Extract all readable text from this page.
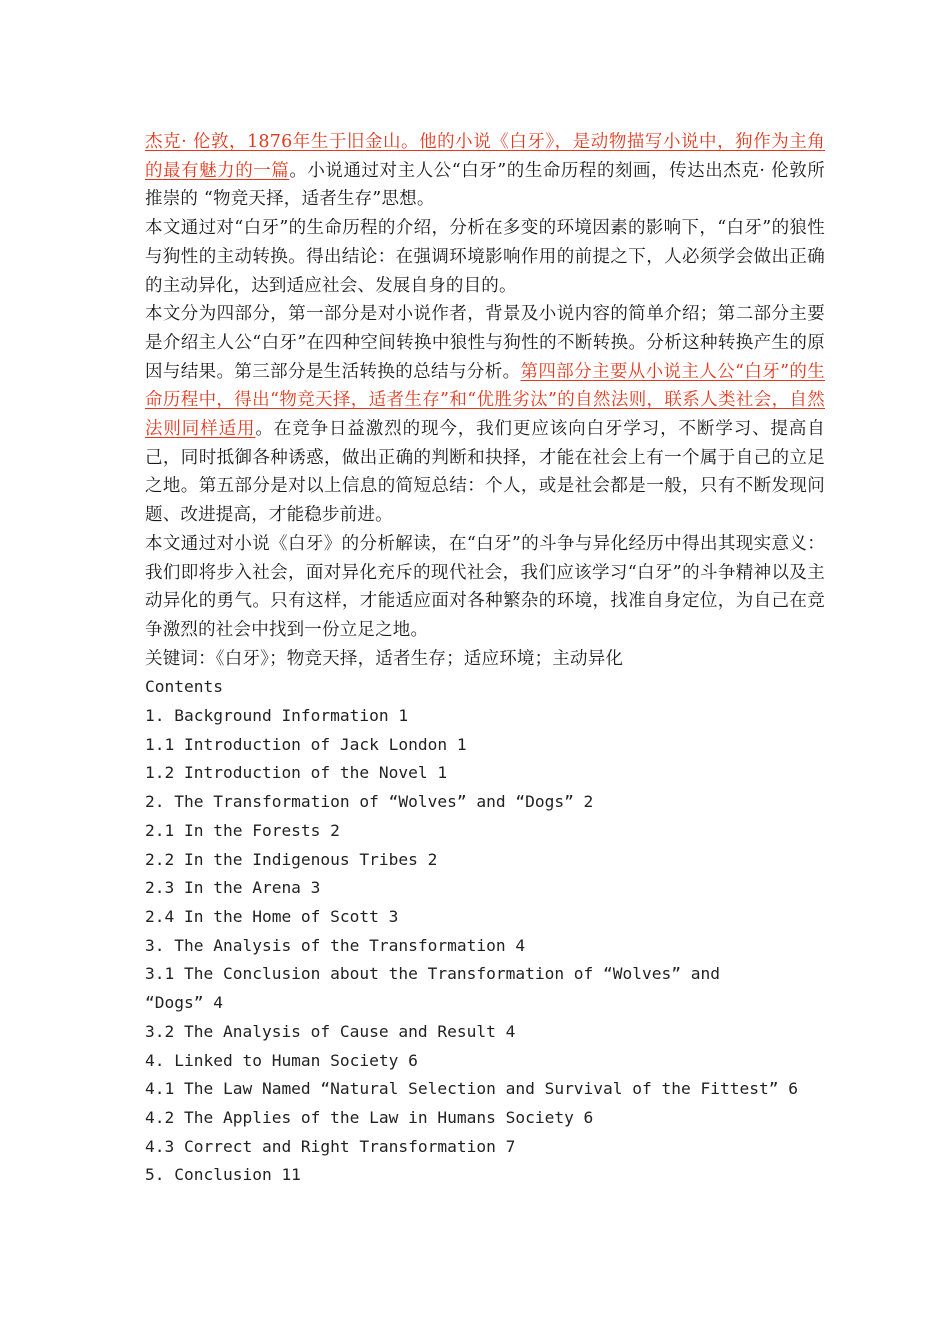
杰克· 伦敦，1876年生于旧金山。他的小说《白牙》，是动物描写小说中，狗作为主角的最有魅力的一篇。小说通过对主人公“白牙”的生命历程的刻画，传达出杰克· 伦敦所推崇的 “物竞天择，适者生存”思想。

本文通过对“白牙”的生命历程的介绍，分析在多变的环境因素的影响下，“白牙”的狼性与狗性的主动转换。得出结论：在强调环境影响作用的前提之下，人必须学会做出正确的主动异化，达到适应社会、发展自身的目的。

本文分为四部分，第一部分是对小说作者，背景及小说内容的简单介绍；第二部分主要是介绍主人公“白牙”在四种空间转换中狼性与狗性的不断转换。分析这种转换产生的原因与结果。第三部分是生活转换的总结与分析。第四部分主要从小说主人公“白牙”的生命历程中，得出“物竞天择，适者生存”和“优胜劣汰”的自然法则，联系人类社会，自然法则同样适用。在竞争日益激烈的现今，我们更应该向白牙学习，不断学习、提高自己，同时抵御各种诱惑，做出正确的判断和抉择，才能在社会上有一个属于自己的立足之地。第五部分是对以上信息的简短总结：个人，或是社会都是一般，只有不断发现问题、改进提高，才能稳步前进。

本文通过对小说《白牙》的分析解读，在“白牙”的斗争与异化经历中得出其现实意义：我们即将步入社会，面对异化充斥的现代社会，我们应该学习“白牙”的斗争精神以及主动异化的勇气。只有这样，才能适应面对各种繁杂的环境，找准自身定位，为自己在竞争激烈的社会中找到一份立足之地。

关键词：《白牙》；物竞天择，适者生存；适应环境；主动异化

Contents

1. Background Information 1

1.1 Introduction of Jack London 1

1.2 Introduction of the Novel 1

2. The Transformation of “Wolves” and “Dogs” 2

2.1 In the Forests 2

2.2 In the Indigenous Tribes 2

2.3 In the Arena 3

2.4 In the Home of Scott 3

3. The Analysis of the Transformation 4

3.1 The Conclusion about the Transformation of “Wolves” and

“Dogs” 4

3.2 The Analysis of Cause and Result 4

4. Linked to Human Society 6

4.1 The Law Named “Natural Selection and Survival of the Fittest” 6

4.2 The Applies of the Law in Humans Society 6

4.3 Correct and Right Transformation 7

5. Conclusion 11
